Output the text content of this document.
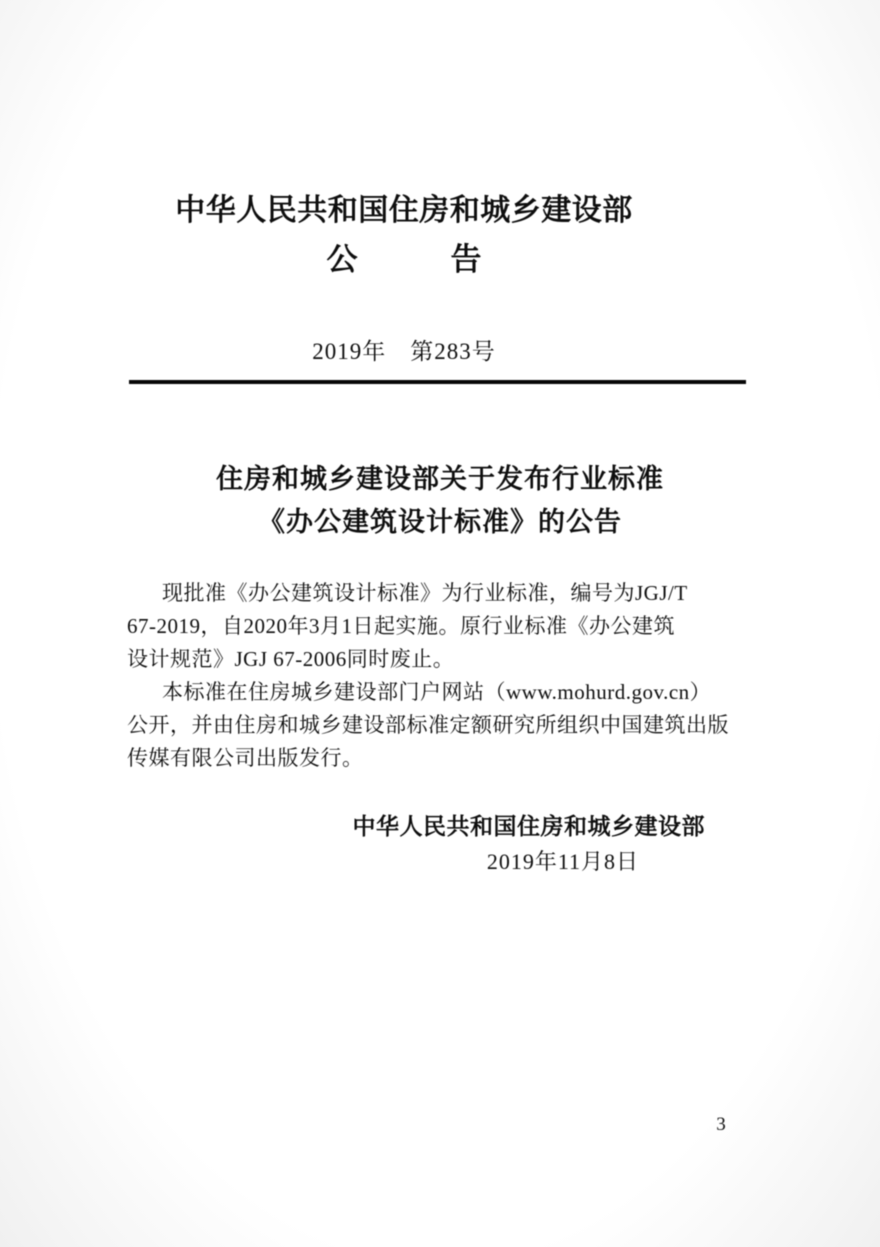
中华人民共和国住房和城乡建设部
公　　　告
2019年　第283号
住房和城乡建设部关于发布行业标准
《办公建筑设计标准》的公告
现批准《办公建筑设计标准》为行业标准，编号为JGJ/T
67-2019，自2020年3月1日起实施。原行业标准《办公建筑
设计规范》JGJ 67-2006同时废止。
本标准在住房城乡建设部门户网站（www.mohurd.gov.cn）
公开，并由住房和城乡建设部标准定额研究所组织中国建筑出版
传媒有限公司出版发行。
中华人民共和国住房和城乡建设部
2019年11月8日
3
